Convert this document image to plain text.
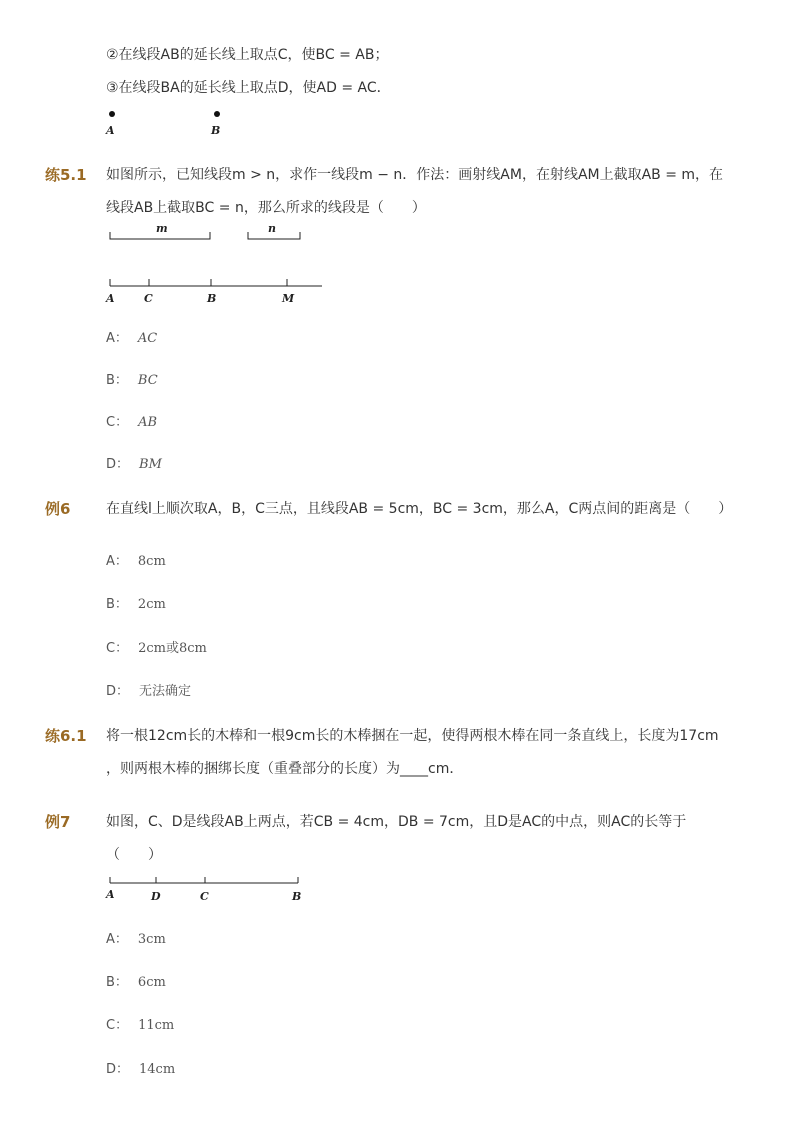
②在线段AB的延长线上取点C，使BC = AB；
③在线段BA的延长线上取点D，使AD = AC．
A	B
练5.1 如图所示，已知线段m > n，求作一线段m − n．作法：画射线AM，在射线AM上截取AB = m，在
线段AB上截取BC = n，那么所求的线段是（　　）
m	n
A	C	B	M
A： AC
B： BC
C： AB
D： BM
例6	在直线l上顺次取A，B，C三点，且线段AB = 5cm，BC = 3cm，那么A，C两点间的距离是（　　）
A： 8cm
B： 2cm
C： 2cm或8cm
D： 无法确定
练6.1 将一根12cm长的木棒和一根9cm长的木棒捆在一起，使得两根木棒在同一条直线上，长度为17cm
，则两根木棒的捆绑长度（重叠部分的长度）为____cm．
例7	如图，C、D是线段AB上两点，若CB = 4cm，DB = 7cm，且D是AC的中点，则AC的长等于
（　　）
A	D	C	B
A： 3cm
B： 6cm
C： 11cm
D： 14cm
